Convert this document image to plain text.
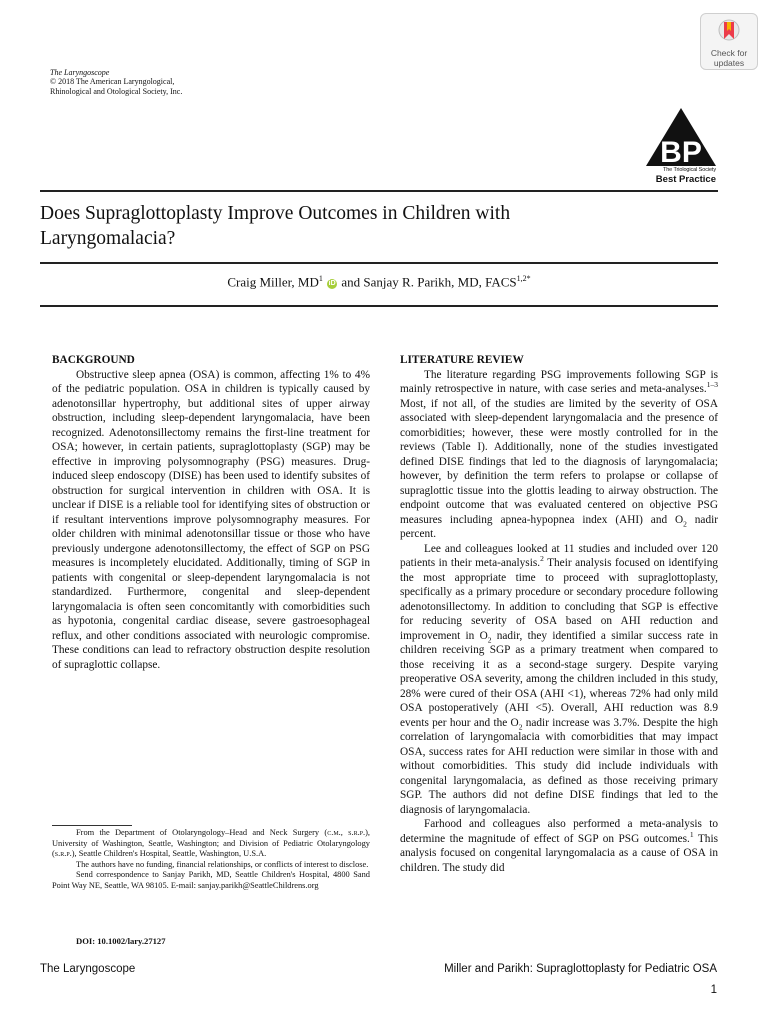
The Laryngoscope
© 2018 The American Laryngological,
Rhinological and Otological Society, Inc.
Check for
updates
BP
The Triological Society
Best Practice
Does Supraglottoplasty Improve Outcomes in Children with
Laryngomalacia?
Craig Miller, $MD^1$ iD and Sanjay R. Parikh, MD, $FACS^{1,2*}$
BACKGROUND

Obstructive sleep apnea (OSA) is common, affecting 1% to 4% of the pediatric population. OSA in children is typically caused by adenotonsillar hypertrophy, but additional sites of upper airway obstruction, including sleep-dependent laryngomalacia, have been recognized. Adenotonsillectomy remains the first-line treatment for OSA; however, in certain patients, supraglottoplasty (SGP) may be effective in improving polysomnography (PSG) measures. Drug-induced sleep endoscopy (DISE) has been used to identify subsites of obstruction for surgical intervention in children with OSA. It is unclear if DISE is a reliable tool for identifying sites of obstruction or if resultant interventions improve polysomnography measures. For older children with minimal adenotonsillar tissue or those who have previously undergone adenotonsillectomy, the effect of SGP on PSG measures is incompletely elucidated. Additionally, timing of SGP in patients with congenital or sleep-dependent laryngomalacia is not standardized. Furthermore, congenital and sleep-dependent laryngomalacia is often seen concomitantly with comorbidities such as hypotonia, congenital cardiac disease, severe gastroesophageal reflux, and other conditions associated with neurologic compromise. These conditions can lead to refractory obstruction despite resolution of supraglottic collapse.

LITERATURE REVIEW

The literature regarding PSG improvements following SGP is mainly retrospective in nature, with case series and meta-analyses.$^{1-3}$ Most, if not all, of the studies are limited by the severity of OSA associated with sleep-dependent laryngomalacia and the presence of comorbidities; however, these were mostly controlled for in the reviews (Table I). Additionally, none of the studies investigated defined DISE findings that led to the diagnosis of laryngomalacia; however, by definition the term refers to prolapse or collapse of supraglottic tissue into the glottis leading to airway obstruction. The endpoint outcome that was evaluated centered on objective PSG measures including apnea-hypopnea index (AHI) and $O_2$ nadir percent.

Lee and colleagues looked at 11 studies and included over 120 patients in their meta-analysis.$^2$ Their analysis focused on identifying the most appropriate time to proceed with supraglottoplasty, specifically as a primary procedure or secondary procedure following adenotonsillectomy. In addition to concluding that SGP is effective for reducing severity of OSA based on AHI reduction and improvement in $O_2$ nadir, they identified a similar success rate in children receiving SGP as a primary treatment when compared to those receiving it as a second-stage surgery. Despite varying preoperative OSA severity, among the children included in this study, 28% were cured of their OSA (AHI <1), whereas 72% had only mild OSA postoperatively (AHI <5). Overall, AHI reduction was 8.9 events per hour and the $O_2$ nadir increase was 3.7%. Despite the high correlation of laryngomalacia with comorbidities that may impact OSA, success rates for AHI reduction were similar in those with and without comorbidities. This study did include individuals with congenital laryngomalacia, as defined as those receiving primary SGP. The authors did not define DISE findings that led to the diagnosis of laryngomalacia.

Farhood and colleagues also performed a meta-analysis to determine the magnitude of effect of SGP on PSG outcomes.$^1$ This analysis focused on congenital laryngomalacia as a cause of OSA in children. The study did

From the Department of Otolaryngology–Head and Neck Surgery (c.m., s.r.p.), University of Washington, Seattle, Washington; and Division of Pediatric Otolaryngology (s.r.p.), Seattle Children's Hospital, Seattle, Washington, U.S.A.

The authors have no funding, financial relationships, or conflicts of interest to disclose.

Send correspondence to Sanjay Parikh, MD, Seattle Children's Hospital, 4800 Sand Point Way NE, Seattle, WA 98105. E-mail: sanjay.parikh@SeattleChildrens.org

DOI: 10.1002/lary.27127
The Laryngoscope	Miller and Parikh: Supraglottoplasty for Pediatric OSA
1
